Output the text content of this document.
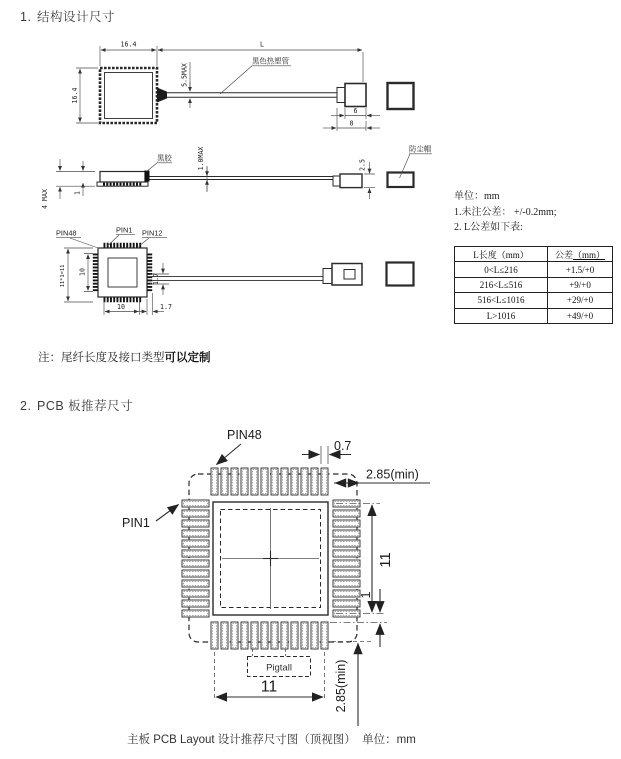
1. 结构设计尺寸
16.4	L
16.4
5.5MAX
黑色热塑管
6
8
黑胶
4 MAX	1
1.0MAX	2.5
防尘帽
PIN48	PIN1 PIN12
11*1=11 10
10	1.7
1.7
PIN48
PIN1
0.7
2.85(min)
11
1
11	2.85(min)
Pigtall
单位：mm
1.未注公差： +/-0.2mm;
2. L公差如下表:
L长度（mm）	公差（mm）
0<L≤216	+1.5/+0
216<L≤516	+9/+0
516<L≤1016	+29/+0
L>1016	+49/+0
注：尾纤长度及接口类型可以定制
2. PCB 板推荐尺寸
主板 PCB Layout 设计推荐尺寸图（顶视图） 单位：mm
